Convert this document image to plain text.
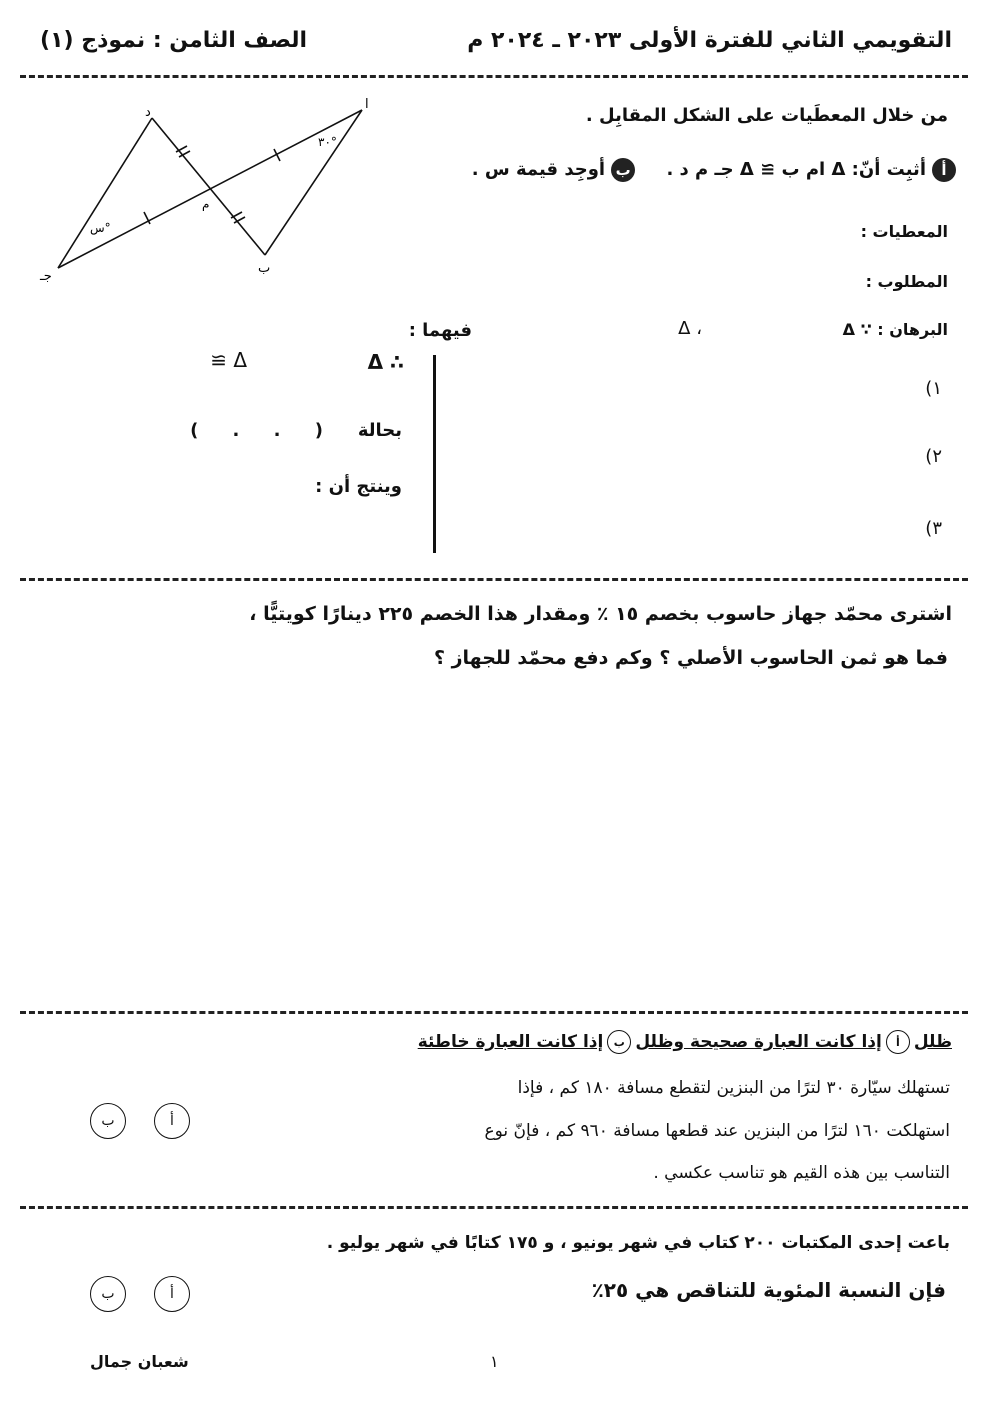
التقويمي الثاني للفترة الأولى ٢٠٢٣ ـ ٢٠٢٤ م
الصف الثامن : نموذج (١)
ﺍ
د
جـ
ب
م
٣٠°
س°
من خلال المعطَيات على الشكل المقابِل .
أأثبِت أنّ: Δ ﺍم ب ≅ Δ جـ م د .     بأوجِد قيمة س .
المعطيات :
المطلوب :
البرهان : ∵ Δ
، Δ
فيهما :
١)
٢)
٣)
∴ Δ
Δ ≅
بحالة
( . . )
وينتج أن :
اشترى محمّد جهاز حاسوب بخصم ١٥ ٪ ومقدار هذا الخصم ٢٢٥ دينارًا كويتيًّا ،
فما هو ثمن الحاسوب الأصلي ؟ وكم دفع محمّد للجهاز ؟
ظللأإذا كانت العبارة صحيحة وظللبإذا كانت العبارة خاطئة
تستهلك سيّارة ٣٠ لترًا من البنزين لتقطع مسافة ١٨٠ كم ، فإذا
استهلكت ١٦٠ لترًا من البنزين عند قطعها مسافة ٩٦٠ كم ، فإنّ نوع
التناسب بين هذه القيم هو تناسب عكسي .
أ
ب
باعت إحدى المكتبات ٢٠٠ كتاب في شهر يونيو ، و ١٧٥ كتابًا في شهر يوليو .
فإن النسبة المئوية للتناقص هي ٢٥٪
أ
ب
١
شعبان جمال
